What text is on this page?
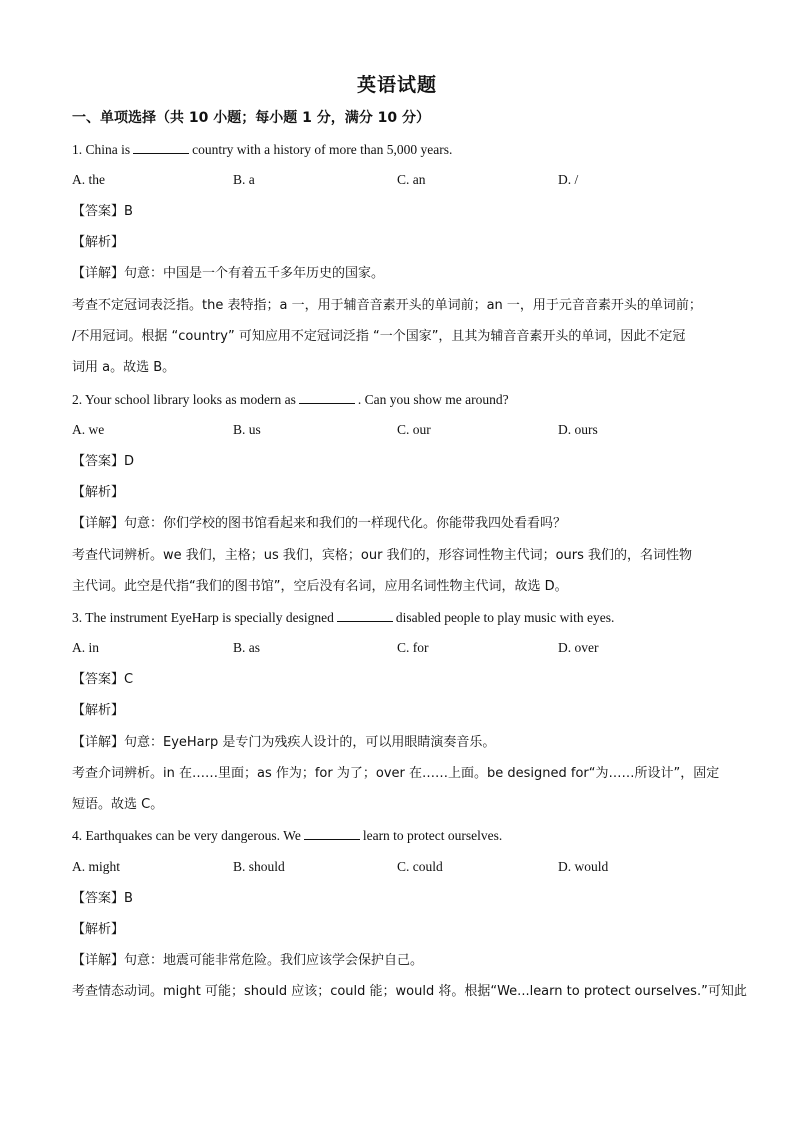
英语试题
一、单项选择（共 10 小题；每小题 1 分，满分 10 分）
1. China is	country with a history of more than 5,000 years.
A. the	B. a	C. an	D. /
【答案】B
【解析】
【详解】句意：中国是一个有着五千多年历史的国家。
考查不定冠词表泛指。the 表特指；a 一，用于辅音音素开头的单词前；an 一，用于元音音素开头的单词前；
/不用冠词。根据 “country” 可知应用不定冠词泛指 “一个国家”，且其为辅音音素开头的单词，因此不定冠
词用 a。故选 B。
2. Your school library looks as modern as	. Can you show me around?
A. we	B. us	C. our	D. ours
【答案】D
【解析】
【详解】句意：你们学校的图书馆看起来和我们的一样现代化。你能带我四处看看吗？
考查代词辨析。we 我们，主格；us 我们，宾格；our 我们的，形容词性物主代词；ours 我们的，名词性物
主代词。此空是代指“我们的图书馆”，空后没有名词，应用名词性物主代词，故选 D。
3. The instrument EyeHarp is specially designed	disabled people to play music with eyes.
A. in	B. as	C. for	D. over
【答案】C
【解析】
【详解】句意：EyeHarp 是专门为残疾人设计的，可以用眼睛演奏音乐。
考查介词辨析。in 在……里面；as 作为；for 为了；over 在……上面。be designed for“为……所设计”，固定
短语。故选 C。
4. Earthquakes can be very dangerous. We	learn to protect ourselves.
A. might	B. should	C. could	D. would
【答案】B
【解析】
【详解】句意：地震可能非常危险。我们应该学会保护自己。
考查情态动词。might 可能；should 应该；could 能；would 将。根据“We...learn to protect ourselves.”可知此
